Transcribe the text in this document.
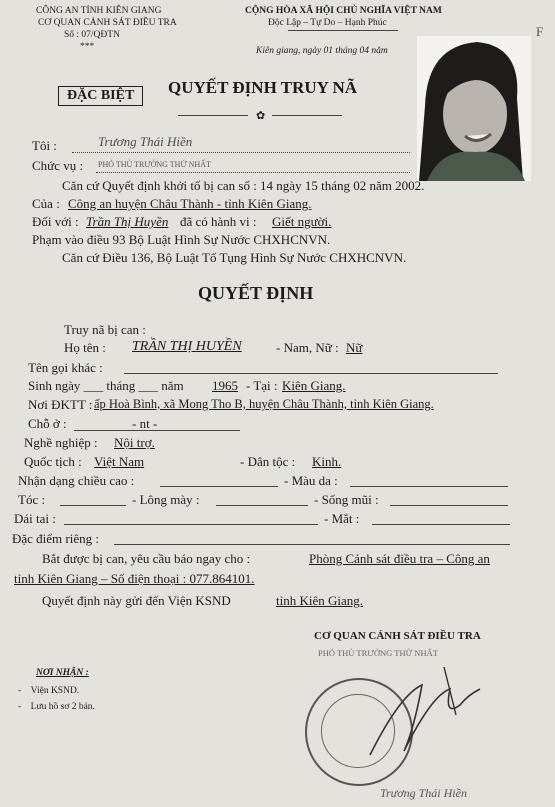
CÔNG AN TỈNH KIÊN GIANG
CƠ QUAN CẢNH SÁT ĐIỀU TRA
Số : 07/QĐTN
***
CỘNG HÒA XÃ HỘI CHỦ NGHĨA VIỆT NAM
Độc Lập – Tự Do – Hạnh Phúc
Kiên giang, ngày 01 tháng 04 năm
F
ĐẶC BIỆT	QUYẾT ĐỊNH TRUY NÃ
✿
Tôi :	Trương Thái Hiền
Chức vụ : PHÓ THỦ TRƯỞNG THỨ NHẤT
Căn cứ Quyết định khởi tố bị can số : 14 ngày 15 tháng 02 năm 2002.
Của : Công an huyện Châu Thành - tỉnh Kiên Giang.
Đối với : Trần Thị Huyền đã có hành vi : Giết người.
Phạm vào điều 93 Bộ Luật Hình Sự Nước CHXHCNVN.
Căn cứ Điều 136, Bộ Luật Tố Tụng Hình Sự Nước CHXHCNVN.
QUYẾT ĐỊNH
Truy nã bị can :
Họ tên : TRẦN THỊ HUYỀN	- Nam, Nữ : Nữ
Tên gọi khác :
Sinh ngày ___ tháng ___ năm 1965 - Tại : Kiên Giang.
Nơi ĐKTT : ấp Hoà Bình, xã Mong Tho B, huyện Châu Thành, tỉnh Kiên Giang.
Chỗ ở :	- nt -
Nghề nghiệp : Nội trợ.
Quốc tịch : Việt Nam	- Dân tộc : Kinh.
Nhận dạng chiều cao :	- Màu da :
Tóc :	- Lông mày :	- Sống mũi :
Dái tai :	- Mắt :
Đặc điểm riêng :
Bắt được bị can, yêu cầu báo ngay cho :	Phòng Cảnh sát điều tra – Công an
tỉnh Kiên Giang – Số điện thoại : 077.864101.
Quyết định này gửi đến Viện KSND	tỉnh Kiên Giang.
CƠ QUAN CẢNH SÁT ĐIỀU TRA
PHÓ THỦ TRƯỞNG THỨ NHẤT
Trương Thái Hiền
NƠI NHẬN :
-    Viện KSND.
-    Lưu hồ sơ 2 bản.
